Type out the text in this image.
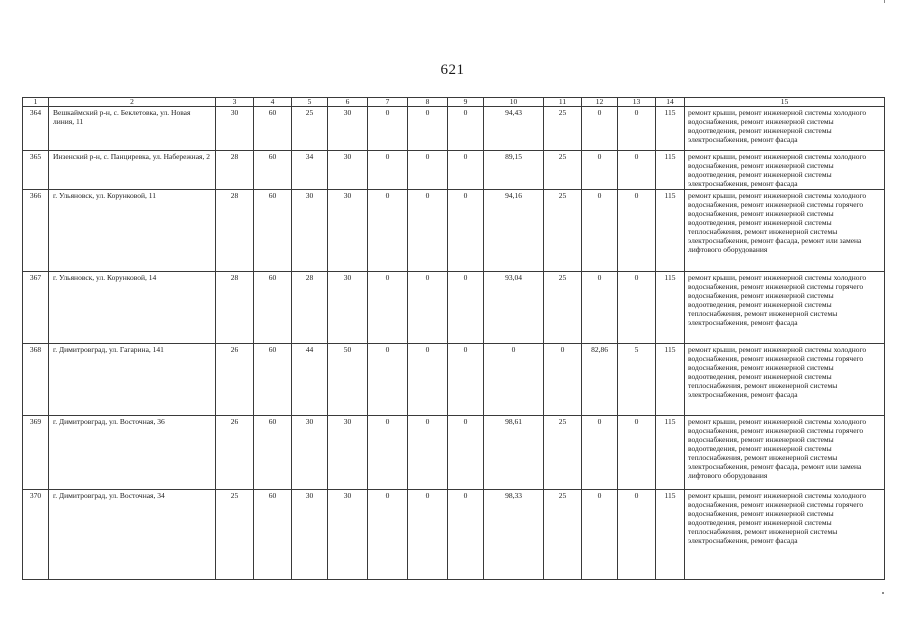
621
1	2	3	4	5	6	7	8	9	10	11	12	13	14	15
364	Вешкаймский р-н, с. Беклетовка, ул. Новая линия, 11	30	60	25	30	0	0	0	94,43	25	0	0	115	ремонт крыши, ремонт инженерной системы холодного водоснабжения, ремонт инженерной системы водоотведения, ремонт инженерной системы электроснабжения, ремонт фасада
365	Инзенский р-н, с. Панциревка, ул. Набережная, 2	28	60	34	30	0	0	0	89,15	25	0	0	115	ремонт крыши, ремонт инженерной системы холодного водоснабжения, ремонт инженерной системы водоотведения, ремонт инженерной системы электроснабжения, ремонт фасада
366	г. Ульяновск, ул. Корунковой, 11	28	60	30	30	0	0	0	94,16	25	0	0	115	ремонт крыши, ремонт инженерной системы холодного водоснабжения, ремонт инженерной системы горячего водоснабжения, ремонт инженерной системы водоотведения, ремонт инженерной системы теплоснабжения, ремонт инженерной системы электроснабжения, ремонт фасада, ремонт или замена лифтового оборудования
367	г. Ульяновск, ул. Корунковой, 14	28	60	28	30	0	0	0	93,04	25	0	0	115	ремонт крыши, ремонт инженерной системы холодного водоснабжения, ремонт инженерной системы горячего водоснабжения, ремонт инженерной системы водоотведения, ремонт инженерной системы теплоснабжения, ремонт инженерной системы электроснабжения, ремонт фасада
368	г. Димитровград, ул. Гагарина, 141	26	60	44	50	0	0	0	0	0	82,86	5	115	ремонт крыши, ремонт инженерной системы холодного водоснабжения, ремонт инженерной системы горячего водоснабжения, ремонт инженерной системы водоотведения, ремонт инженерной системы теплоснабжения, ремонт инженерной системы электроснабжения, ремонт фасада
369	г. Димитровград, ул. Восточная, 36	26	60	30	30	0	0	0	98,61	25	0	0	115	ремонт крыши, ремонт инженерной системы холодного водоснабжения, ремонт инженерной системы горячего водоснабжения, ремонт инженерной системы водоотведения, ремонт инженерной системы теплоснабжения, ремонт инженерной системы электроснабжения, ремонт фасада, ремонт или замена лифтового оборудования
370	г. Димитровград, ул. Восточная, 34	25	60	30	30	0	0	0	98,33	25	0	0	115	ремонт крыши, ремонт инженерной системы холодного водоснабжения, ремонт инженерной системы горячего водоснабжения, ремонт инженерной системы водоотведения, ремонт инженерной системы теплоснабжения, ремонт инженерной системы электроснабжения, ремонт фасада
